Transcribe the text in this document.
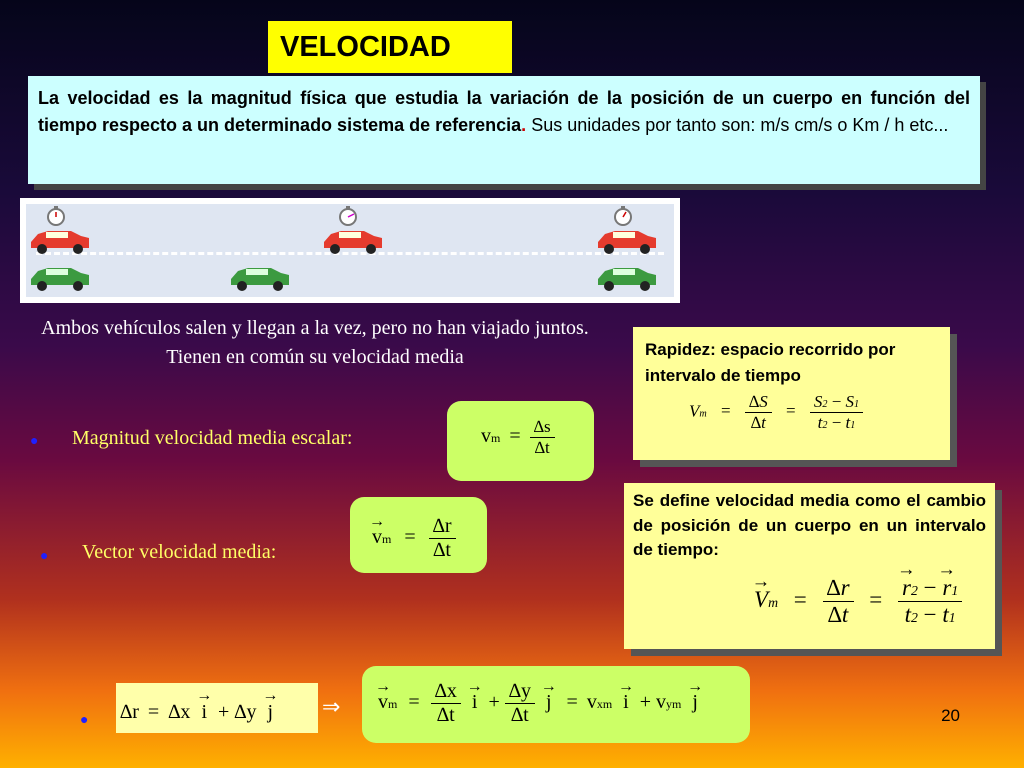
VELOCIDAD
La velocidad es la magnitud física que estudia la variación de la posición de un cuerpo en función del tiempo respecto a un determinado sistema de referencia. Sus unidades por tanto son: m/s cm/s o Km / h etc...
Ambos vehículos salen y llegan a la vez, pero no han viajado juntos. Tienen en común su velocidad media
● Magnitud velocidad media escalar:	vm = $\frac{\Delta s}{\Delta t}$
Rapidez: espacio recorrido por intervalo de tiempo
$Vm = \frac{\Delta S}{\Delta t} = \frac{S2 - S1}{t2 - t1}$
● Vector velocidad media:
→ vm = $\frac{\Delta r}{\Delta t}$
Se define velocidad media como el cambio de posición de un cuerpo en un intervalo de tiempo:
→ $Vm = \frac{\Delta r}{\Delta t}$ =
→ $\frac{r2 - \to r1}{t2 - t1}$
● ∆r = ∆x → i + ∆y → j	⇒
→	vm = $\frac{\Delta x}{\Delta t}$
→ $i + \frac{\Delta y}{\Delta t}$
→ j = vxm → i + vym → j
20
